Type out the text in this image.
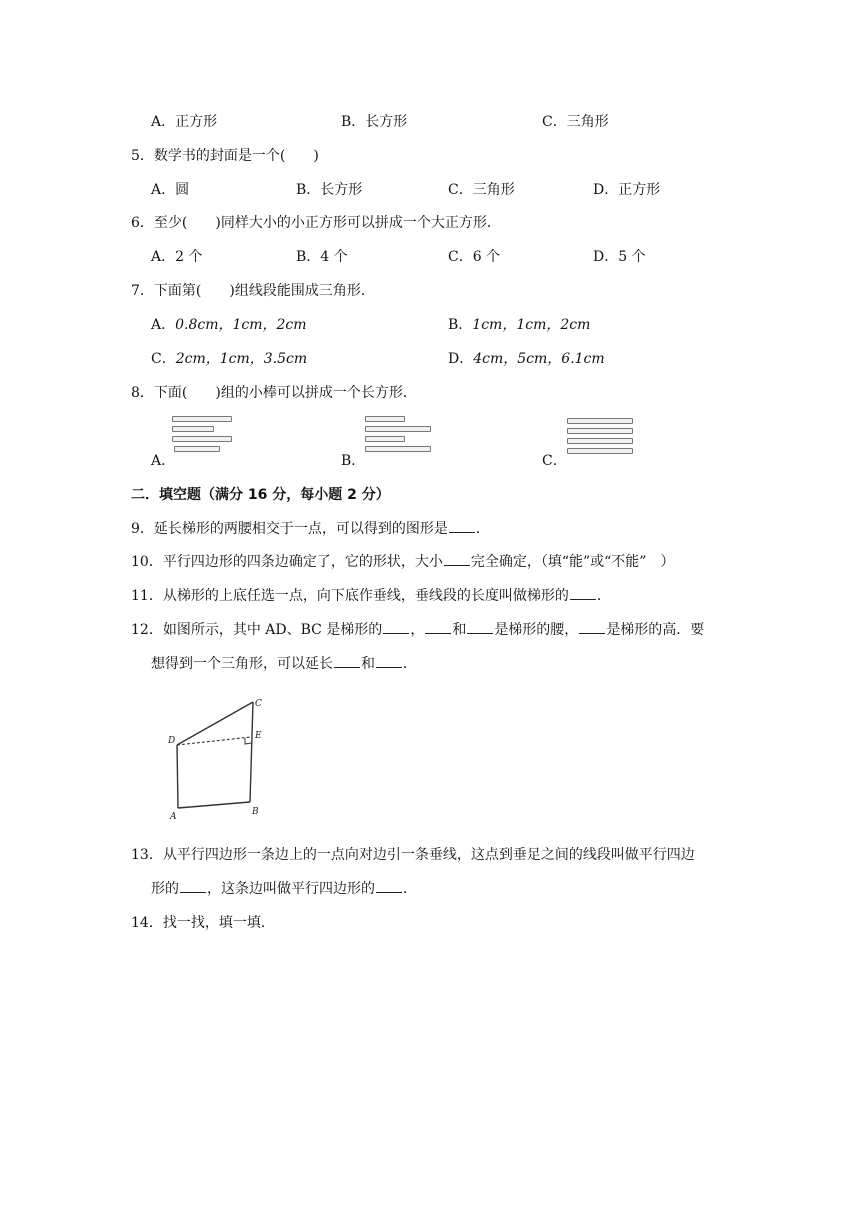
A．正方形	B．长方形	C．三角形
5．数学书的封面是一个(　　)
A．圆	B．长方形	C．三角形	D．正方形
6．至少(　　)同样大小的小正方形可以拼成一个大正方形．
A．2 个	B．4 个	C．6 个	D．5 个
7．下面第(　　)组线段能围成三角形．
A．0.8cm，1cm，2cm	B．1cm，1cm，2cm
C．2cm，1cm，3.5cm	D．4cm，5cm，6.1cm
8．下面(　　)组的小棒可以拼成一个长方形．
A．	B．	C．
二．填空题（满分 16 分，每小题 2 分）
9．延长梯形的两腰相交于一点，可以得到的图形是 ．
10．平行四边形的四条边确定了，它的形状，大小 完全确定，（填“能”或“不能”　）
11．从梯形的上底任选一点，向下底作垂线，垂线段的长度叫做梯形的 ．
12．如图所示，其中 AD、BC 是梯形的 ， 和 是梯形的腰， 是梯形的高．要
想得到一个三角形，可以延长 和 ．
C
D	E
A	B
13．从平行四边形一条边上的一点向对边引一条垂线，这点到垂足之间的线段叫做平行四边
形的 ，这条边叫做平行四边形的 ．
14．找一找，填一填．
